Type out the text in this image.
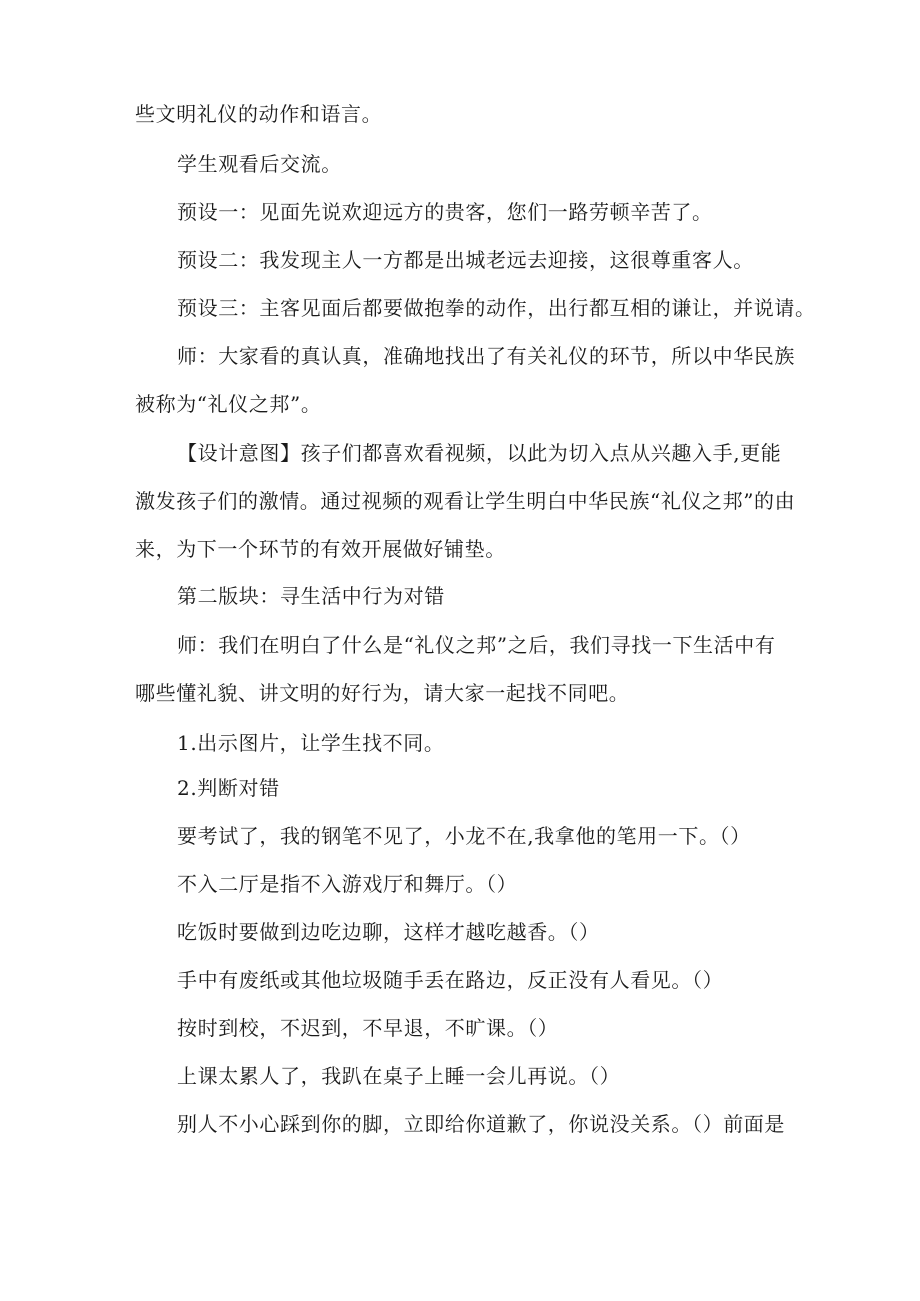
些文明礼仪的动作和语言。
学生观看后交流。
预设一：见面先说欢迎远方的贵客，您们一路劳顿辛苦了。
预设二：我发现主人一方都是出城老远去迎接，这很尊重客人。
预设三：主客见面后都要做抱拳的动作，出行都互相的谦让，并说请。
师：大家看的真认真，准确地找出了有关礼仪的环节，所以中华民族
被称为“礼仪之邦”。
【设计意图】孩子们都喜欢看视频，以此为切入点从兴趣入手,更能
激发孩子们的激情。通过视频的观看让学生明白中华民族“礼仪之邦”的由
来，为下一个环节的有效开展做好铺垫。
第二版块：寻生活中行为对错
师：我们在明白了什么是“礼仪之邦”之后，我们寻找一下生活中有
哪些懂礼貌、讲文明的好行为，请大家一起找不同吧。
1.出示图片，让学生找不同。
2.判断对错
要考试了，我的钢笔不见了，小龙不在,我拿他的笔用一下。（）
不入二厅是指不入游戏厅和舞厅。（）
吃饭时要做到边吃边聊，这样才越吃越香。（）
手中有废纸或其他垃圾随手丢在路边，反正没有人看见。（）
按时到校，不迟到，不早退，不旷课。（）
上课太累人了，我趴在桌子上睡一会儿再说。（）
别人不小心踩到你的脚，立即给你道歉了，你说没关系。（）前面是
